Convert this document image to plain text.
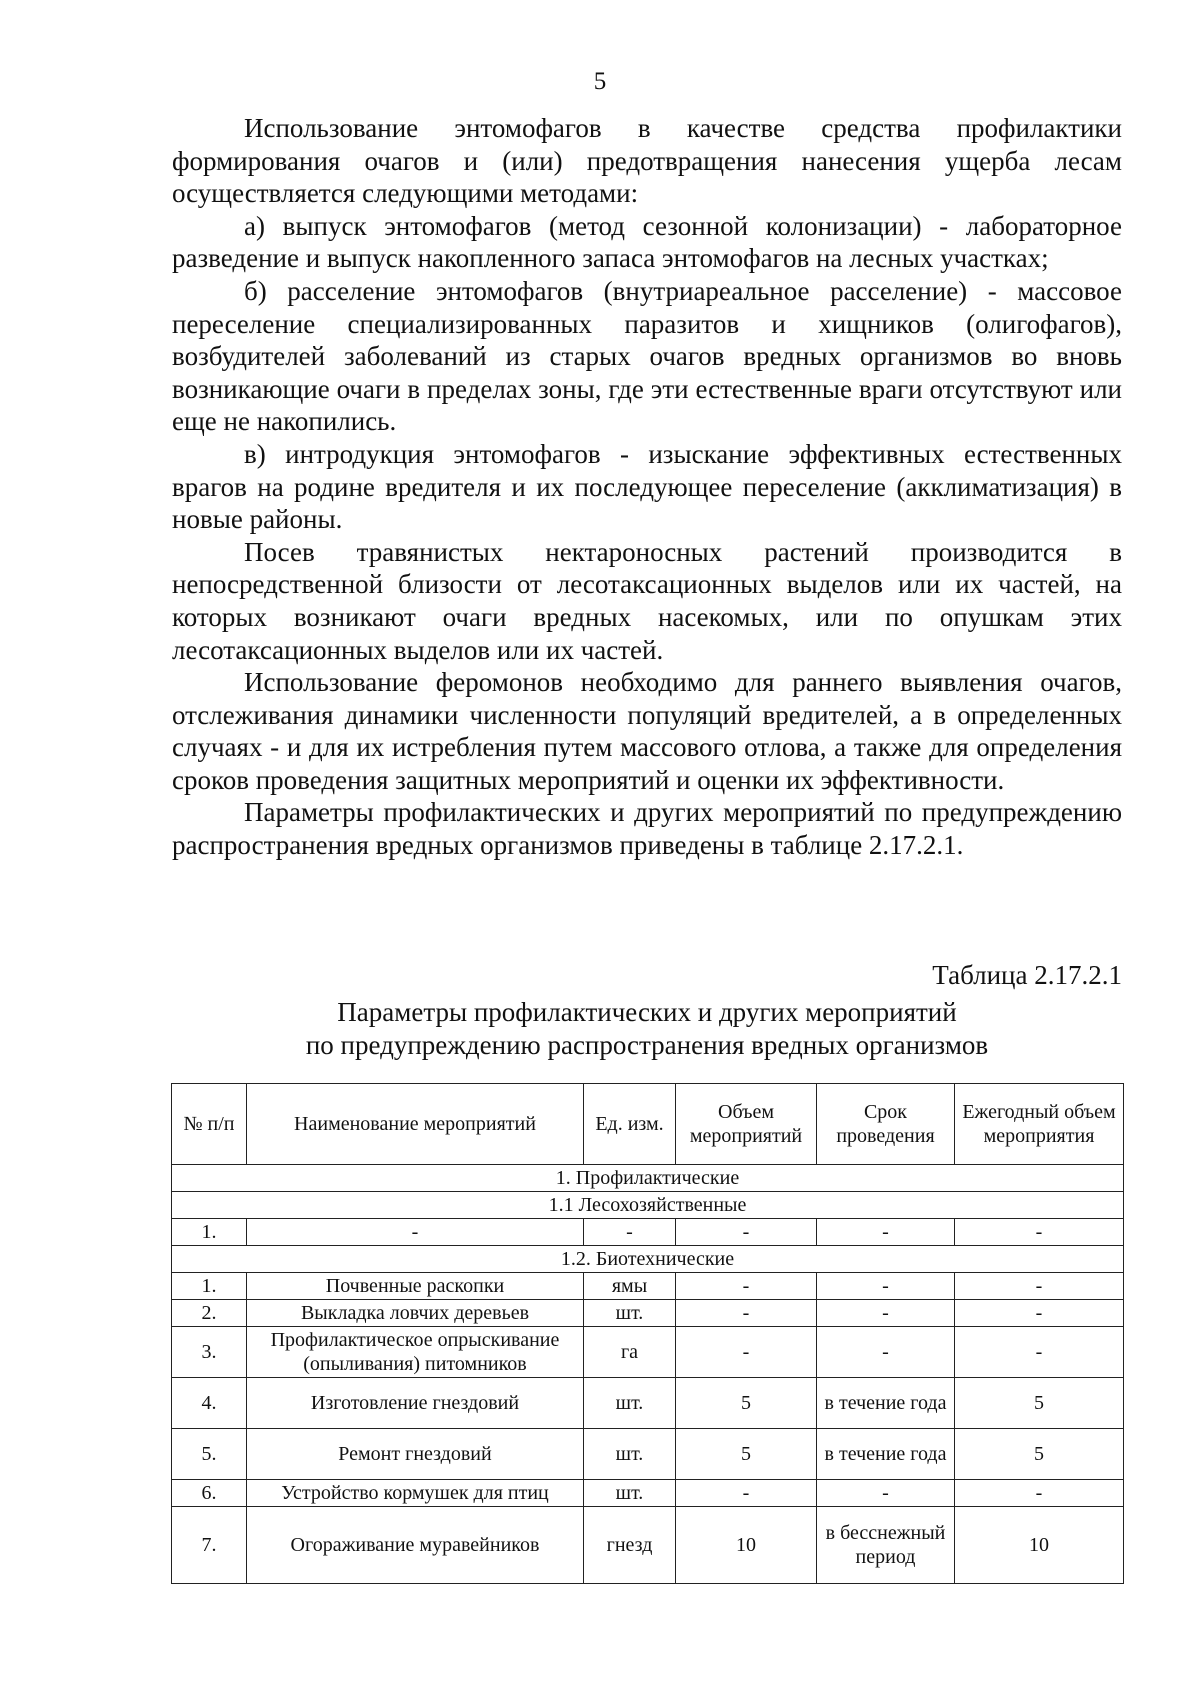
5

Использование энтомофагов в качестве средства профилактики формирования очагов и (или) предотвращения нанесения ущерба лесам осуществляется следующими методами:

а) выпуск энтомофагов (метод сезонной колонизации) - лабораторное разведение и выпуск накопленного запаса энтомофагов на лесных участках;

б) расселение энтомофагов (внутриареальное расселение) - массовое переселение специализированных паразитов и хищников (олигофагов), возбудителей заболеваний из старых очагов вредных организмов во вновь возникающие очаги в пределах зоны, где эти естественные враги отсутствуют или еще не накопились.

в) интродукция энтомофагов - изыскание эффективных естественных врагов на родине вредителя и их последующее переселение (акклиматизация) в новые районы.

Посев травянистых нектароносных растений производится в непосредственной близости от лесотаксационных выделов или их частей, на которых возникают очаги вредных насекомых, или по опушкам этих лесотаксационных выделов или их частей.

Использование феромонов необходимо для раннего выявления очагов, отслеживания динамики численности популяций вредителей, а в определенных случаях - и для их истребления путем массового отлова, а также для определения сроков проведения защитных мероприятий и оценки их эффективности.

Параметры профилактических и других мероприятий по предупреждению распространения вредных организмов приведены в таблице 2.17.2.1.

Таблица 2.17.2.1
Параметры профилактических и других мероприятий
по предупреждению распространения вредных организмов
№ п/п	Наименование мероприятий	Ед. изм.	Объем мероприятий	Срок проведения	Ежегодный объем мероприятия
1. Профилактические					
1.1 Лесохозяйственные					
1.	-	-	-	-	-
1.2. Биотехнические					
1.	Почвенные раскопки	ямы	-	-	-
2.	Выкладка ловчих деревьев	шт.	-	-	-
3.	Профилактическое опрыскивание (опыливания) питомников	га	-	-	-
4.	Изготовление гнездовий	шт.	5	в течение года	5
5.	Ремонт гнездовий	шт.	5	в течение года	5
6.	Устройство кормушек для птиц	шт.	-	-	-
7.	Огораживание муравейников	гнезд	10	в бесснежный период	10
